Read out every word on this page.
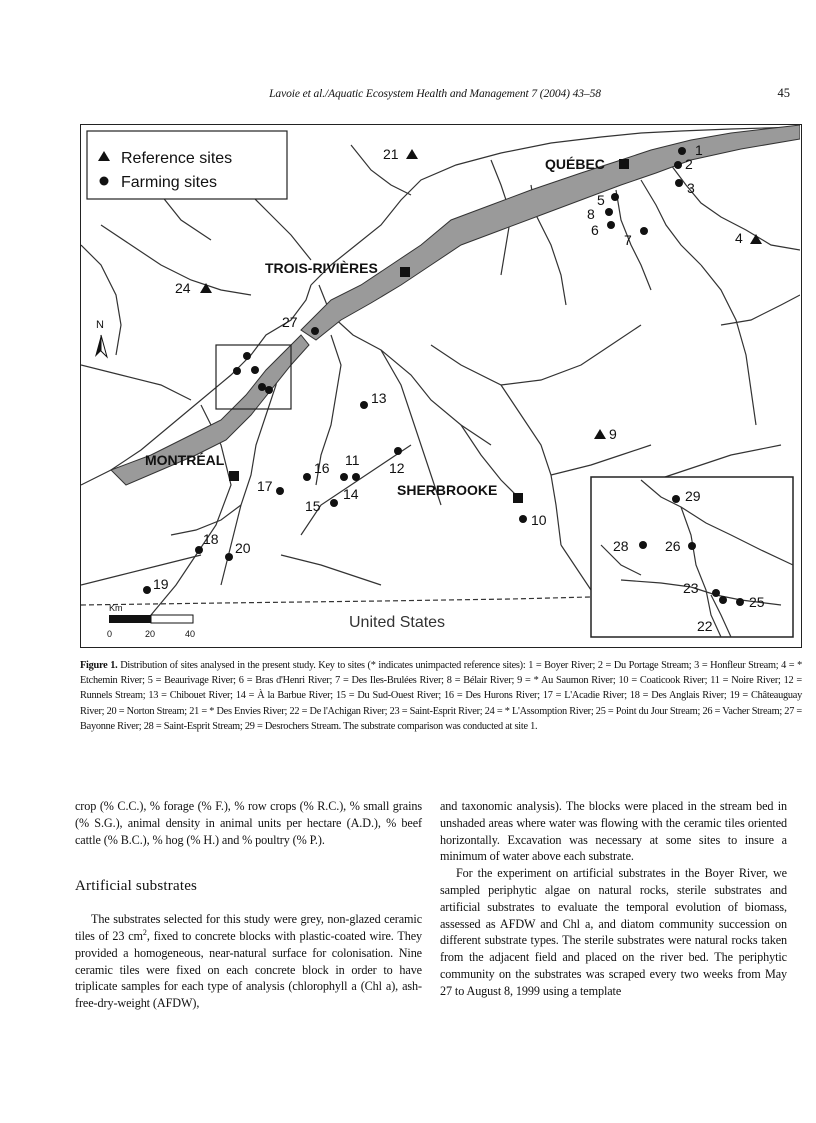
Lavoie et al./Aquatic Ecosystem Health and Management 7 (2004) 43–58	45
Reference sites
Farming sites
QUÉBEC
TROIS-RIVIÈRES
MONTRÉAL
SHERBROOKE
21
4
24
9
1
2
3
5
8
6
7
27
13
12
11
14
15
16
17
18
20
19
10
N
Km
0	20	40
United States
29
28	26
23
22
25
Figure 1. Distribution of sites analysed in the present study. Key to sites (* indicates unimpacted reference sites): 1 = Boyer River; 2 = Du Portage Stream; 3 = Honfleur Stream; 4 = * Etchemin River; 5 = Beaurivage River; 6 = Bras d'Henri River; 7 = Des Iles-Brulées River; 8 = Bélair River; 9 = * Au Saumon River; 10 = Coaticook River; 11 = Noire River; 12 = Runnels Stream; 13 = Chibouet River; 14 = À la Barbue River; 15 = Du Sud-Ouest River; 16 = Des Hurons River; 17 = L'Acadie River; 18 = Des Anglais River; 19 = Châteauguay River; 20 = Norton Stream; 21 = * Des Envies River; 22 = De l'Achigan River; 23 = Saint-Esprit River; 24 = * L'Assomption River; 25 = Point du Jour Stream; 26 = Vacher Stream; 27 = Bayonne River; 28 = Saint-Esprit Stream; 29 = Desrochers Stream. The substrate comparison was conducted at site 1.

crop (% C.C.), % forage (% F.), % row crops (% R.C.), % small grains (% S.G.), animal density in animal units per hectare (A.D.), % beef cattle (% B.C.), % hog (% H.) and % poultry (% P.).

Artificial substrates

The substrates selected for this study were grey, non-glazed ceramic tiles of 23 $cm^2$, fixed to concrete blocks with plastic-coated wire. They provided a homogeneous, near-natural surface for colonisation. Nine ceramic tiles were fixed on each concrete block in order to have triplicate samples for each type of analysis (chlorophyll a (Chl a), ash-free-dry-weight (AFDW),

and taxonomic analysis). The blocks were placed in the stream bed in unshaded areas where water was flowing with the ceramic tiles oriented horizontally. Excavation was necessary at some sites to insure a minimum of water above each substrate.

For the experiment on artificial substrates in the Boyer River, we sampled periphytic algae on natural rocks, sterile substrates and artificial substrates to evaluate the temporal evolution of biomass, assessed as AFDW and Chl a, and diatom community succession on different substrate types. The sterile substrates were natural rocks taken from the adjacent field and placed on the river bed. The periphytic community on the substrates was scraped every two weeks from May 27 to August 8, 1999 using a template
